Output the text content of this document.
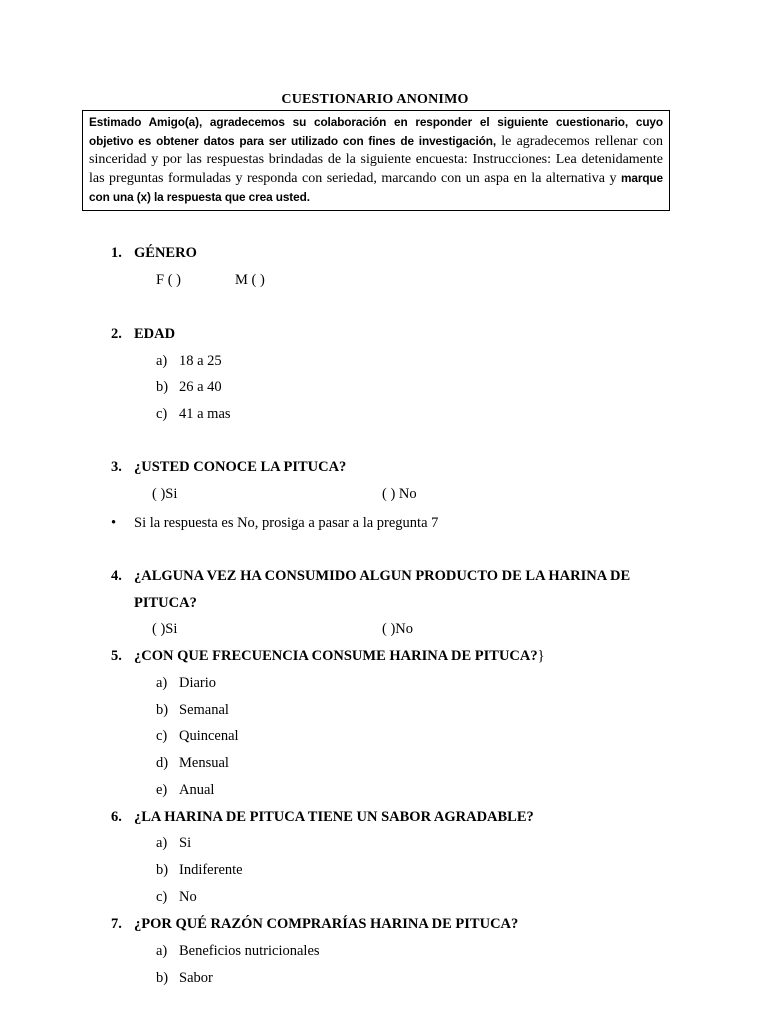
CUESTIONARIO ANONIMO
Estimado Amigo(a), agradecemos su colaboración en responder el siguiente cuestionario, cuyo objetivo es obtener datos para ser utilizado con fines de investigación, le agradecemos rellenar con sinceridad y por las respuestas brindadas de la siguiente encuesta: Instrucciones: Lea detenidamente las preguntas formuladas y responda con seriedad, marcando con un aspa en la alternativa y marque con una (x) la respuesta que crea usted.
1. GÉNERO
F ( )	M ( )
2. EDAD
a) 18 a 25
b) 26 a 40
c) 41 a mas
3. ¿USTED CONOCE LA PITUCA?
( )Si	( ) No
• Si la respuesta es No, prosiga a pasar a la pregunta 7
4. ¿ALGUNA VEZ HA CONSUMIDO ALGUN PRODUCTO DE LA HARINA DE
PITUCA?
( )Si	( )No
5. ¿CON QUE FRECUENCIA CONSUME HARINA DE PITUCA?}
a) Diario
b) Semanal
c) Quincenal
d) Mensual
e) Anual
6. ¿LA HARINA DE PITUCA TIENE UN SABOR AGRADABLE?
a) Si
b) Indiferente
c) No
7. ¿POR QUÉ RAZÓN COMPRARÍAS HARINA DE PITUCA?
a) Beneficios nutricionales
b) Sabor
